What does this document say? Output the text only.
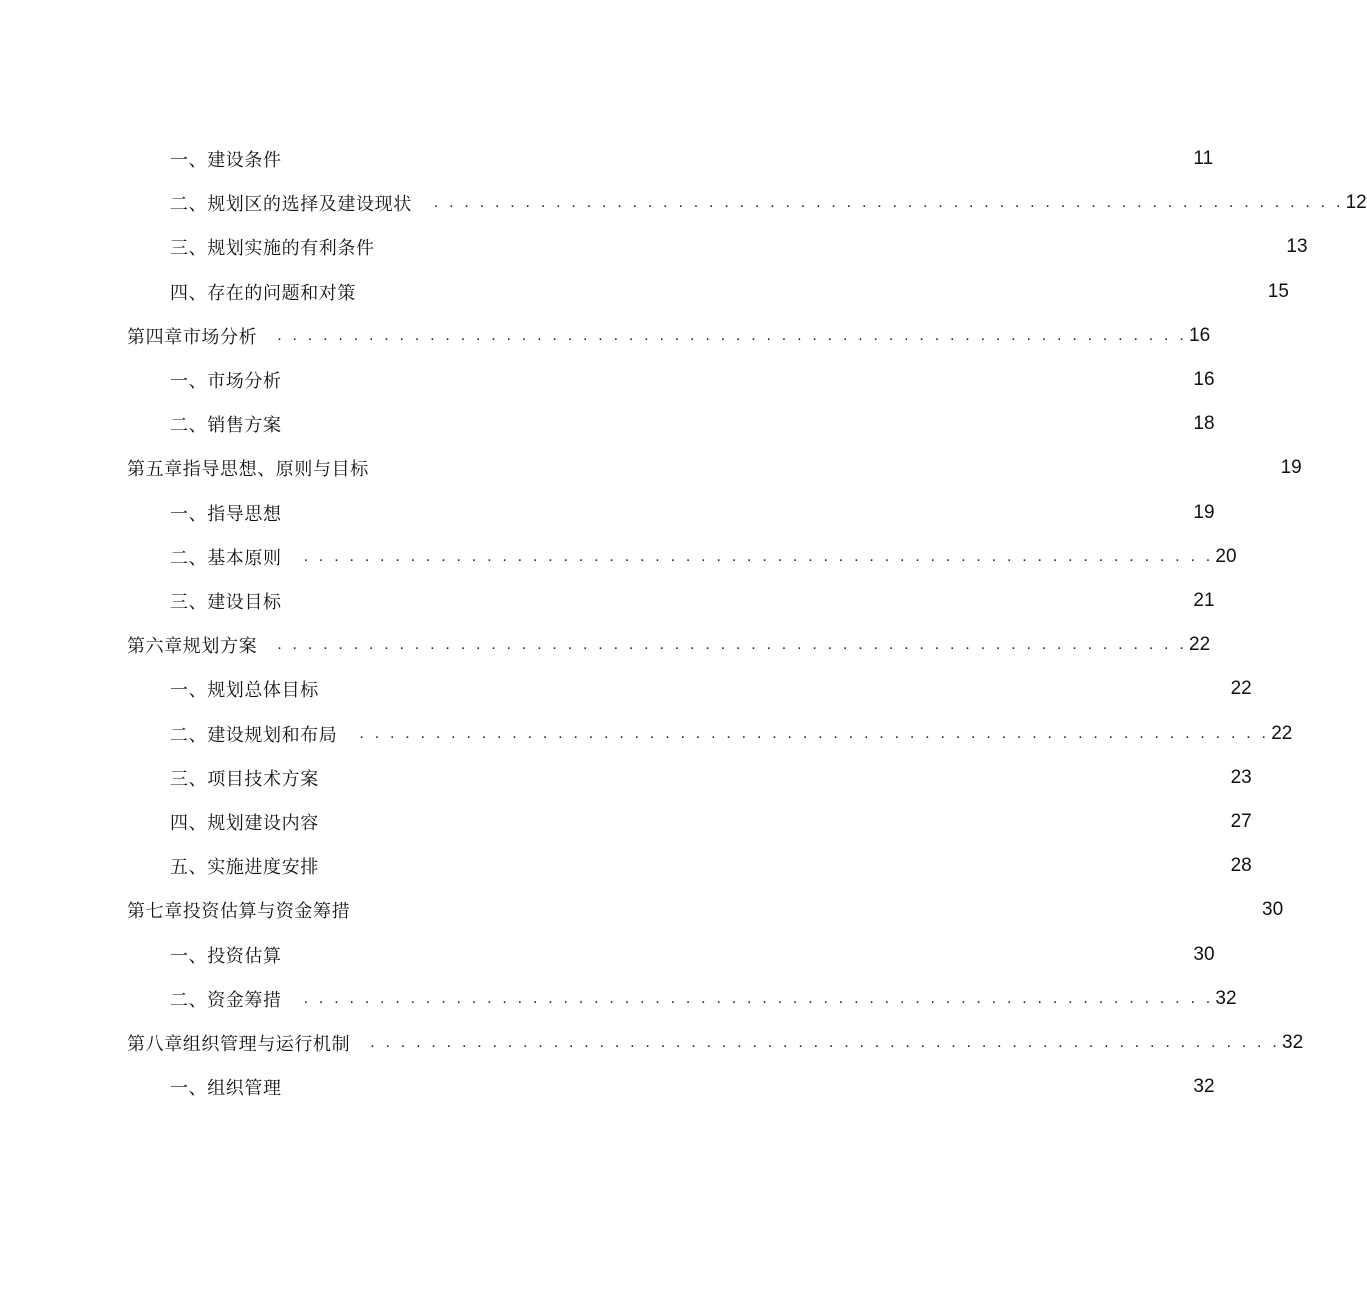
一、建设条件	11
二、规划区的选择及建设现状 . . . . . . . . . . . . . . . . . . . . . . . . . . . . . . . . . . . . . . . . . . . . . . . . . . . . . . . . . . . . 12
三、规划实施的有利条件	13
四、存在的问题和对策	15
第四章市场分析 . . . . . . . . . . . . . . . . . . . . . . . . . . . . . . . . . . . . . . . . . . . . . . . . . . . . . . . . . . . . 16
一、市场分析	16
二、销售方案	18
第五章指导思想、原则与目标	19
一、指导思想	19
二、基本原则 . . . . . . . . . . . . . . . . . . . . . . . . . . . . . . . . . . . . . . . . . . . . . . . . . . . . . . . . . . . . 20
三、建设目标	21
第六章规划方案 . . . . . . . . . . . . . . . . . . . . . . . . . . . . . . . . . . . . . . . . . . . . . . . . . . . . . . . . . . . . 22
一、规划总体目标	22
二、建设规划和布局 . . . . . . . . . . . . . . . . . . . . . . . . . . . . . . . . . . . . . . . . . . . . . . . . . . . . . . . . . . . . 22
三、项目技术方案	23
四、规划建设内容	27
五、实施进度安排	28
第七章投资估算与资金筹措	30
一、投资估算	30
二、资金筹措 . . . . . . . . . . . . . . . . . . . . . . . . . . . . . . . . . . . . . . . . . . . . . . . . . . . . . . . . . . . . 32
第八章组织管理与运行机制 . . . . . . . . . . . . . . . . . . . . . . . . . . . . . . . . . . . . . . . . . . . . . . . . . . . . . . . . . . . . 32
一、组织管理	32
